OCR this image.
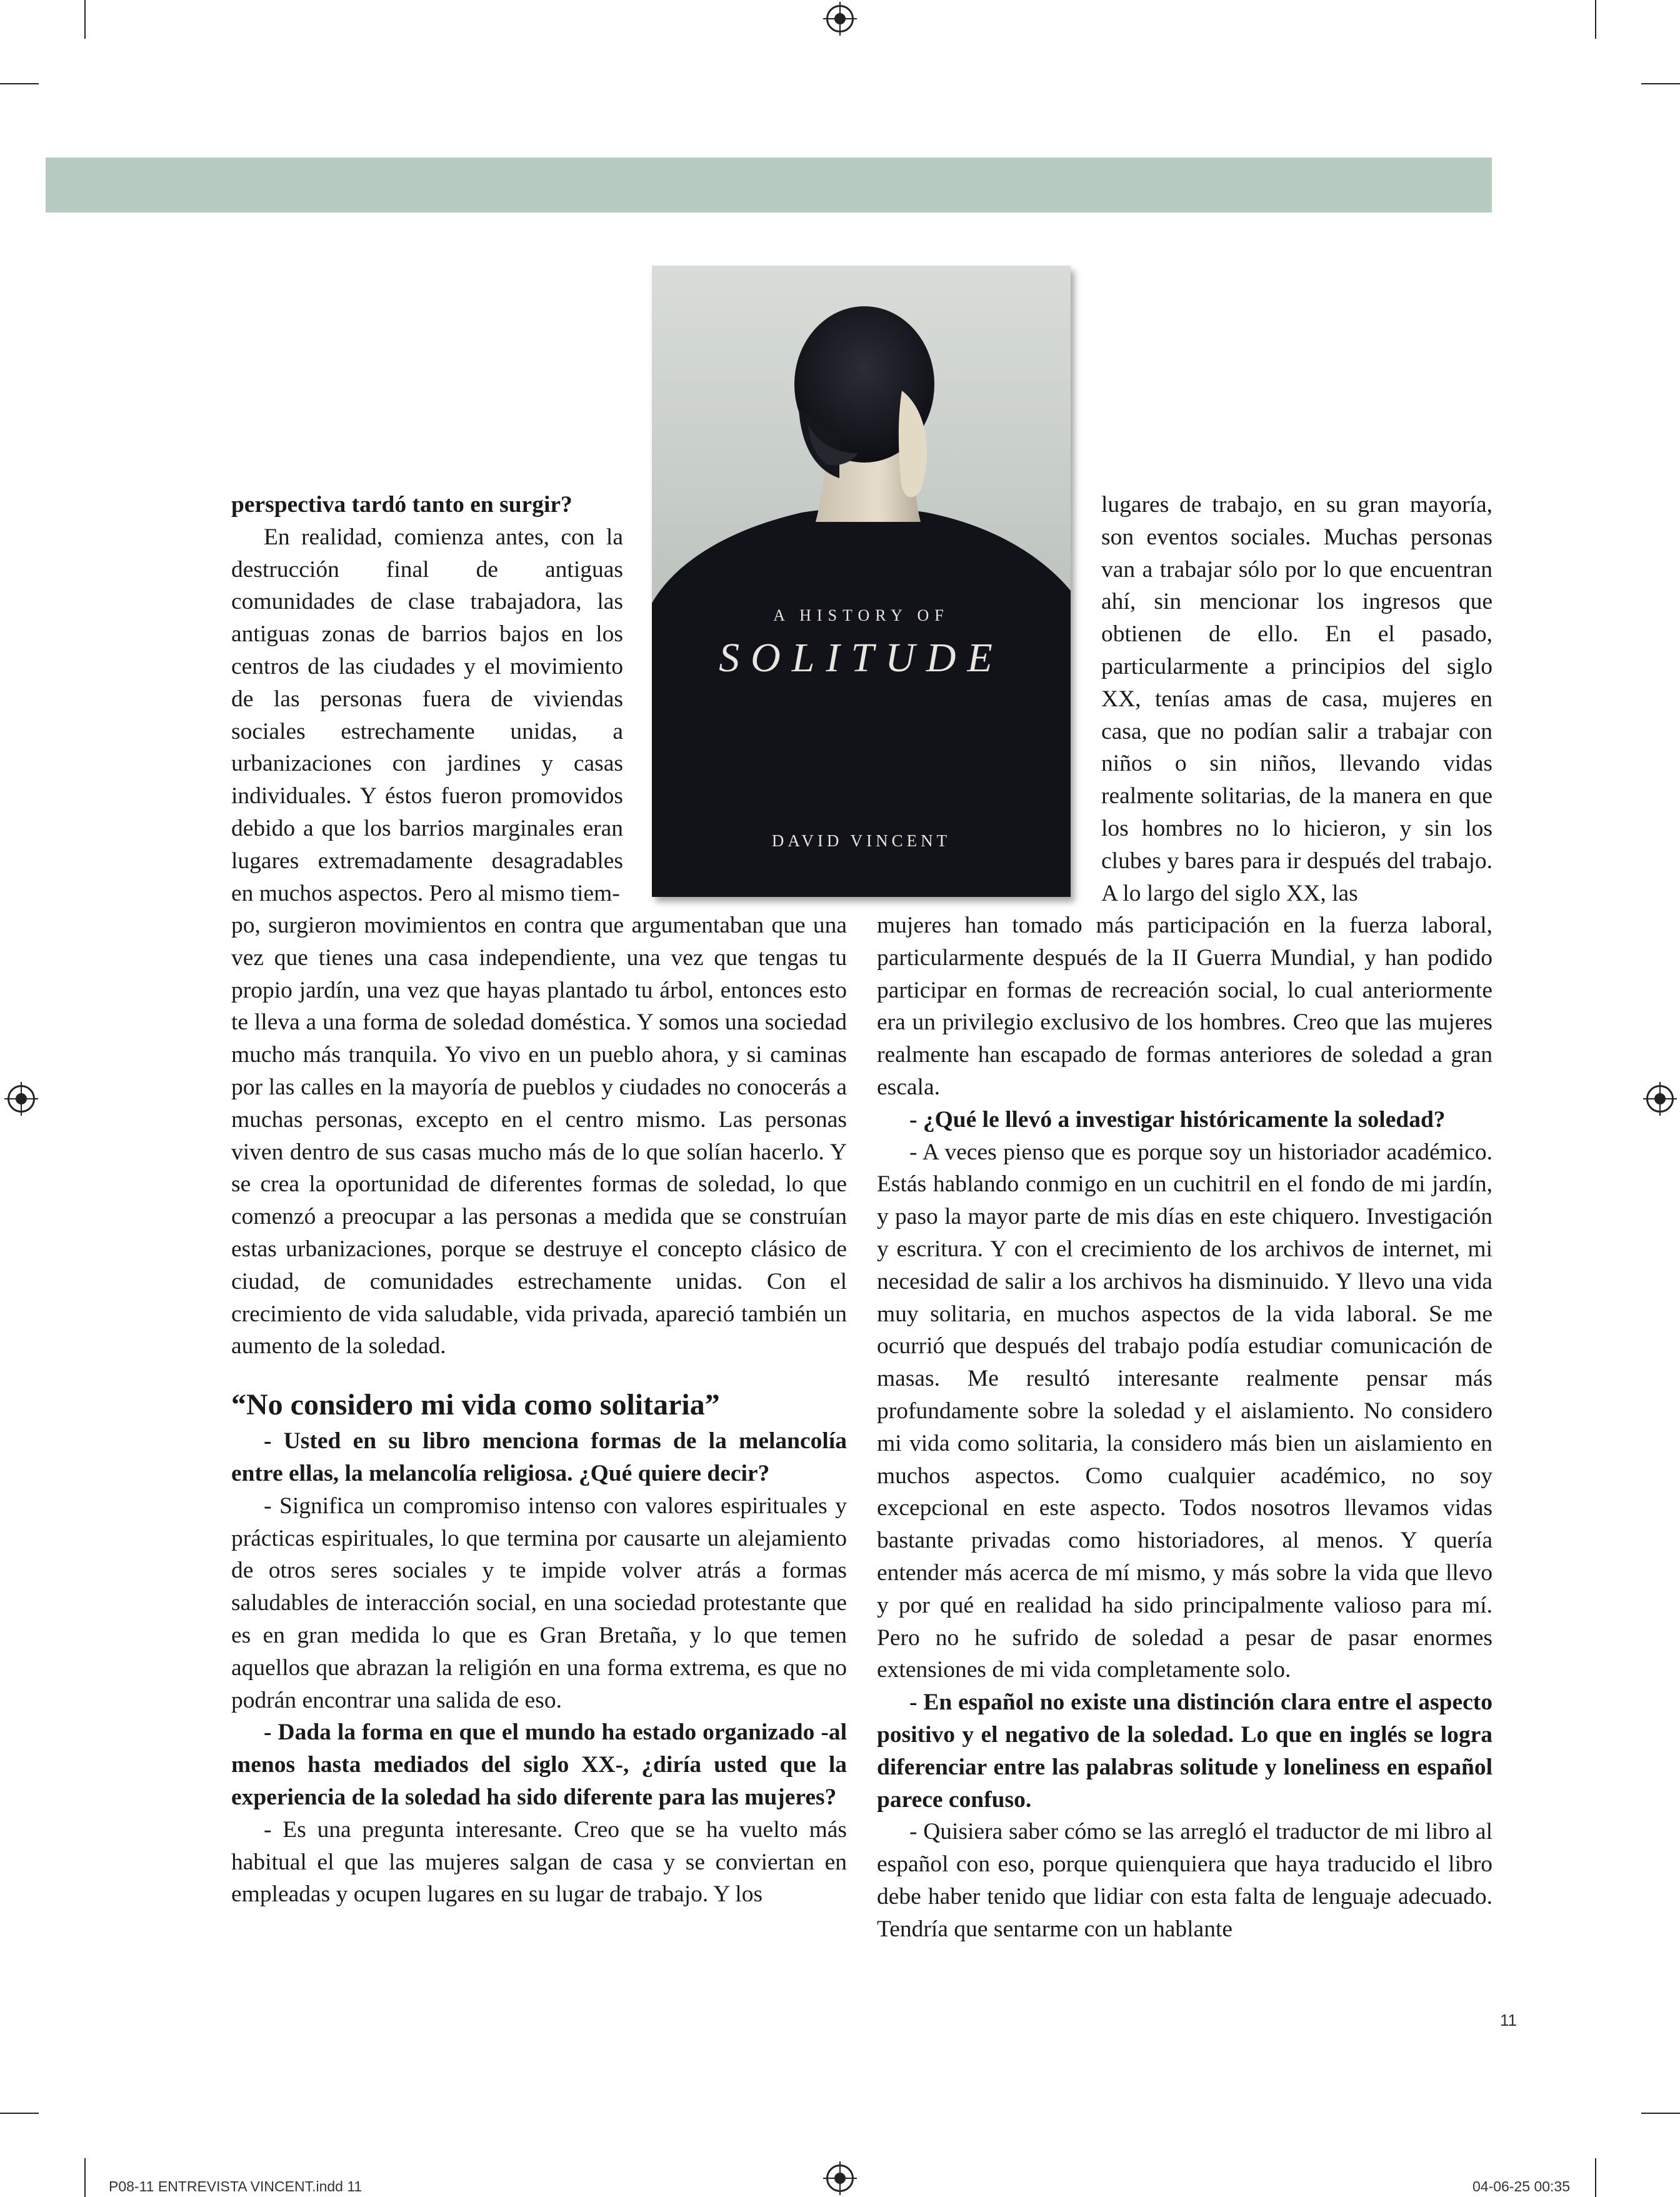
A HISTORY OF
SOLITUDE
DAVID VINCENT

perspectiva tardó tanto en surgir?

En realidad, comienza antes, con la destrucción final de antiguas comunidades de clase trabajadora, las antiguas zonas de barrios bajos en los centros de las ciudades y el movimiento de las personas fuera de viviendas sociales estrechamente unidas, a urbanizaciones con jardines y casas individuales. Y éstos fueron promovidos debido a que los barrios marginales eran lugares extremadamente desagradables en muchos aspectos. Pero al mismo tiem-

po, surgieron movimientos en contra que argumentaban que una vez que tienes una casa independiente, una vez que tengas tu propio jardín, una vez que hayas plantado tu árbol, entonces esto te lleva a una forma de soledad doméstica. Y somos una sociedad mucho más tranquila. Yo vivo en un pueblo ahora, y si caminas por las calles en la mayoría de pueblos y ciudades no conocerás a muchas personas, excepto en el centro mismo. Las personas viven dentro de sus casas mucho más de lo que solían hacerlo. Y se crea la oportunidad de diferentes formas de soledad, lo que comenzó a preocupar a las personas a medida que se construían estas urbanizaciones, porque se destruye el concepto clásico de ciudad, de comunidades estrechamente unidas. Con el crecimiento de vida saludable, vida privada, apareció también un aumento de la soledad.

“No considero mi vida como solitaria”

- Usted en su libro menciona formas de la melancolía entre ellas, la melancolía religiosa. ¿Qué quiere decir?

- Significa un compromiso intenso con valores espirituales y prácticas espirituales, lo que termina por causarte un alejamiento de otros seres sociales y te impide volver atrás a formas saludables de interacción social, en una sociedad protestante que es en gran medida lo que es Gran Bretaña, y lo que temen aquellos que abrazan la religión en una forma extrema, es que no podrán encontrar una salida de eso.

- Dada la forma en que el mundo ha estado organizado -al menos hasta mediados del siglo XX-, ¿diría usted que la experiencia de la soledad ha sido diferente para las mujeres?

- Es una pregunta interesante. Creo que se ha vuelto más habitual el que las mujeres salgan de casa y se conviertan en empleadas y ocupen lugares en su lugar de trabajo. Y los

lugares de trabajo, en su gran mayoría, son eventos sociales. Muchas personas van a trabajar sólo por lo que encuentran ahí, sin mencionar los ingresos que obtienen de ello. En el pasado, particularmente a principios del siglo XX, tenías amas de casa, mujeres en casa, que no podían salir a trabajar con niños o sin niños, llevando vidas realmente solitarias, de la manera en que los hombres no lo hicieron, y sin los clubes y bares para ir después del trabajo. A lo largo del siglo XX, las

mujeres han tomado más participación en la fuerza laboral, particularmente después de la II Guerra Mundial, y han podido participar en formas de recreación social, lo cual anteriormente era un privilegio exclusivo de los hombres. Creo que las mujeres realmente han escapado de formas anteriores de soledad a gran escala.

- ¿Qué le llevó a investigar históricamente la soledad?

- A veces pienso que es porque soy un historiador académico. Estás hablando conmigo en un cuchitril en el fondo de mi jardín, y paso la mayor parte de mis días en este chiquero. Investigación y escritura. Y con el crecimiento de los archivos de internet, mi necesidad de salir a los archivos ha disminuido. Y llevo una vida muy solitaria, en muchos aspectos de la vida laboral. Se me ocurrió que después del trabajo podía estudiar comunicación de masas. Me resultó interesante realmente pensar más profundamente sobre la soledad y el aislamiento. No considero mi vida como solitaria, la considero más bien un aislamiento en muchos aspectos. Como cualquier académico, no soy excepcional en este aspecto. Todos nosotros llevamos vidas bastante privadas como historiadores, al menos. Y quería entender más acerca de mí mismo, y más sobre la vida que llevo y por qué en realidad ha sido principalmente valioso para mí. Pero no he sufrido de soledad a pesar de pasar enormes extensiones de mi vida completamente solo.

- En español no existe una distinción clara entre el aspecto positivo y el negativo de la soledad. Lo que en inglés se logra diferenciar entre las palabras solitude y loneliness en español parece confuso.

- Quisiera saber cómo se las arregló el traductor de mi libro al español con eso, porque quienquiera que haya traducido el libro debe haber tenido que lidiar con esta falta de lenguaje adecuado. Tendría que sentarme con un hablante

11
P08-11 ENTREVISTA VINCENT.indd 11	04-06-25 00:35
